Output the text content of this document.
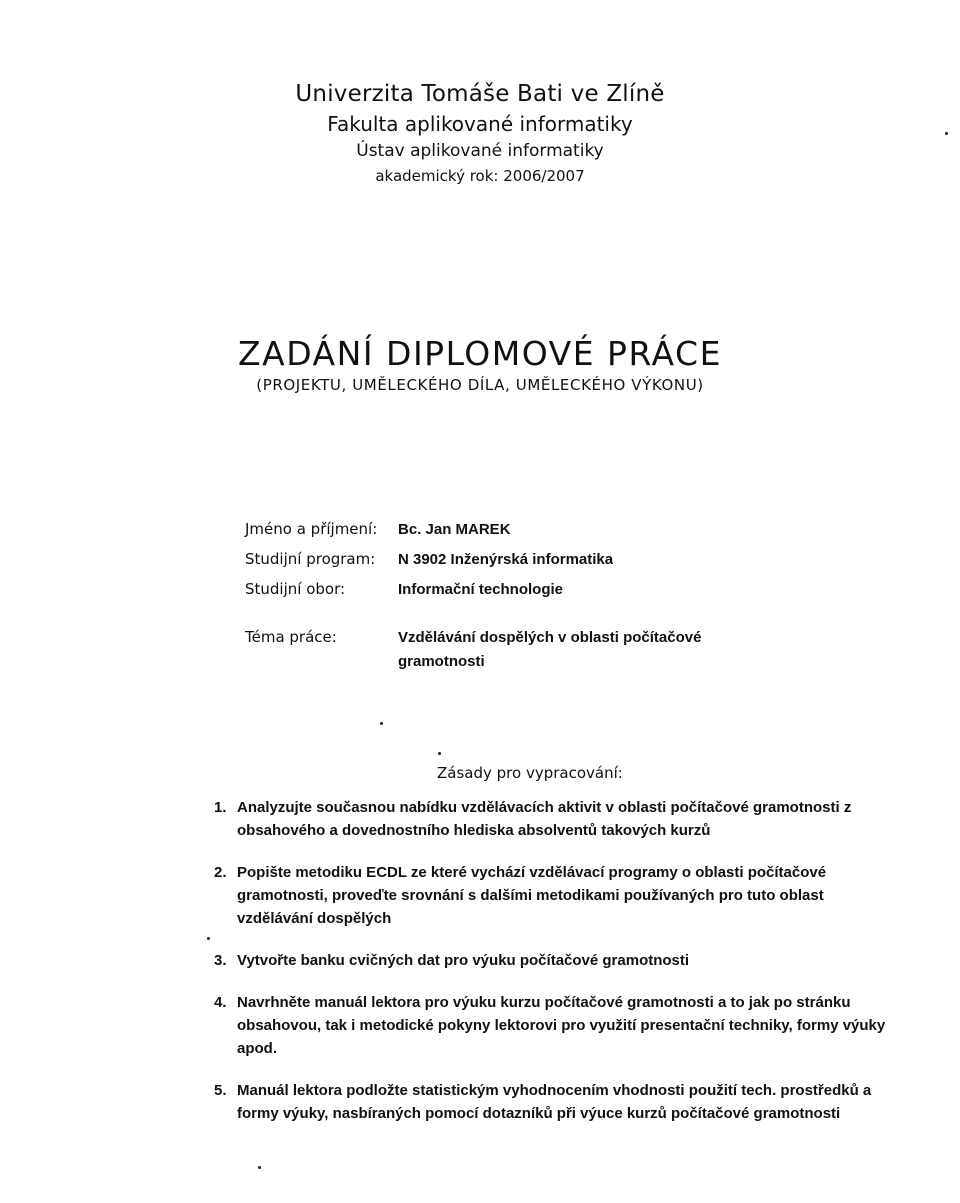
Univerzita Tomáše Bati ve Zlíně
Fakulta aplikované informatiky
Ústav aplikované informatiky
akademický rok: 2006/2007
ZADÁNÍ DIPLOMOVÉ PRÁCE
(PROJEKTU, UMĚLECKÉHO DÍLA, UMĚLECKÉHO VÝKONU)
Jméno a příjmení:	Bc. Jan MAREK
Studijní program:	N 3902 Inženýrská informatika
Studijní obor:	Informační technologie
Téma práce:	Vzdělávání dospělých v oblasti počítačové gramotnosti
Zásady pro vypracování:
1. Analyzujte současnou nabídku vzdělávacích aktivit v oblasti počítačové gramotnosti z obsahového a dovednostního hlediska absolventů takových kurzů
2. Popište metodiku ECDL ze které vychází vzdělávací programy o oblasti počítačové gramotnosti, proveďte srovnání s dalšími metodikami používaných pro tuto oblast vzdělávání dospělých
3. Vytvořte banku cvičných dat pro výuku počítačové gramotnosti
4. Navrhněte manuál lektora pro výuku kurzu počítačové gramotnosti a to jak po stránku obsahovou, tak i metodické pokyny lektorovi pro využití presentační techniky, formy výuky apod.
5. Manuál lektora podložte statistickým vyhodnocením vhodnosti použití tech. prostředků a formy výuky, nasbíraných pomocí dotazníků při výuce kurzů počítačové gramotnosti
